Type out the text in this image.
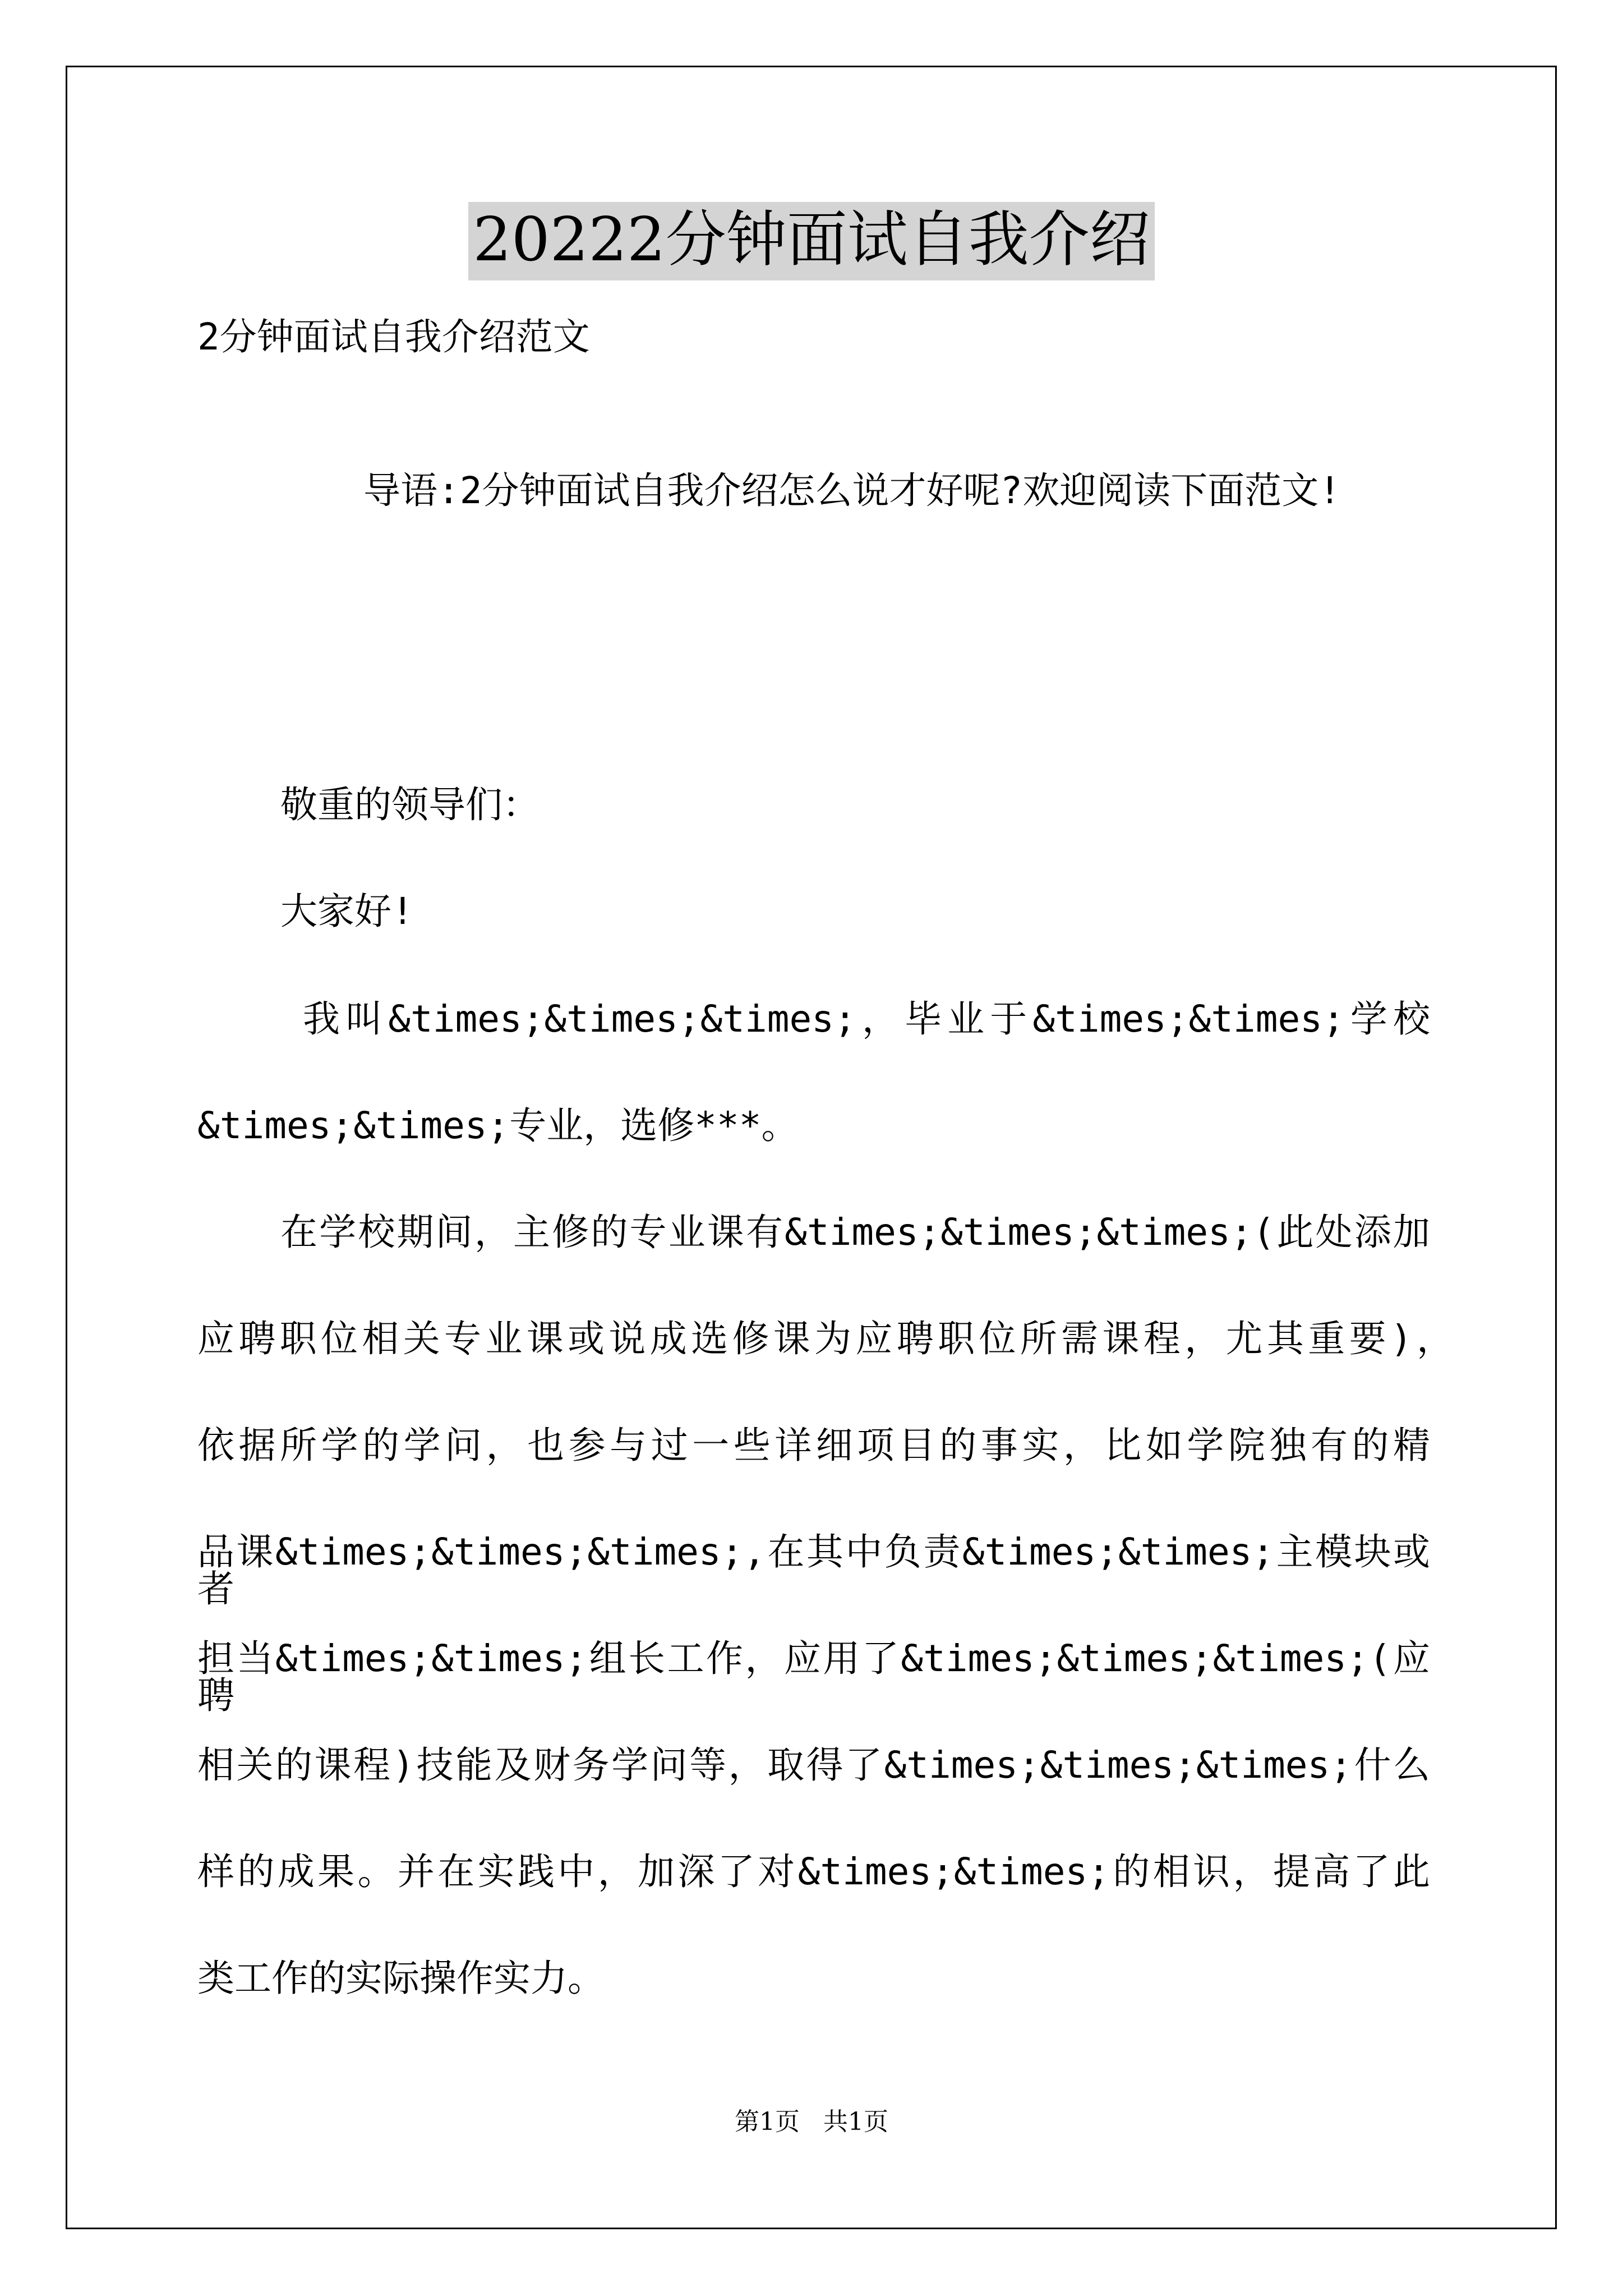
20222分钟面试自我介绍
2分钟面试自我介绍范文
导语:2分钟面试自我介绍怎么说才好呢?欢迎阅读下面范文!
敬重的领导们：
大家好!
我叫&times;&times;&times;，毕业于&times;&times;学校
&times;&times;专业，选修***。
在学校期间，主修的专业课有&times;&times;&times;(此处添加
应聘职位相关专业课或说成选修课为应聘职位所需课程，尤其重要)，
依据所学的学问，也参与过一些详细项目的事实，比如学院独有的精
品课&times;&times;&times;,在其中负责&times;&times;主模块或者
担当&times;&times;组长工作，应用了&times;&times;&times;(应聘
相关的课程)技能及财务学问等，取得了&times;&times;&times;什么
样的成果。并在实践中，加深了对&times;&times;的相识，提高了此
类工作的实际操作实力。
第1页   共1页
